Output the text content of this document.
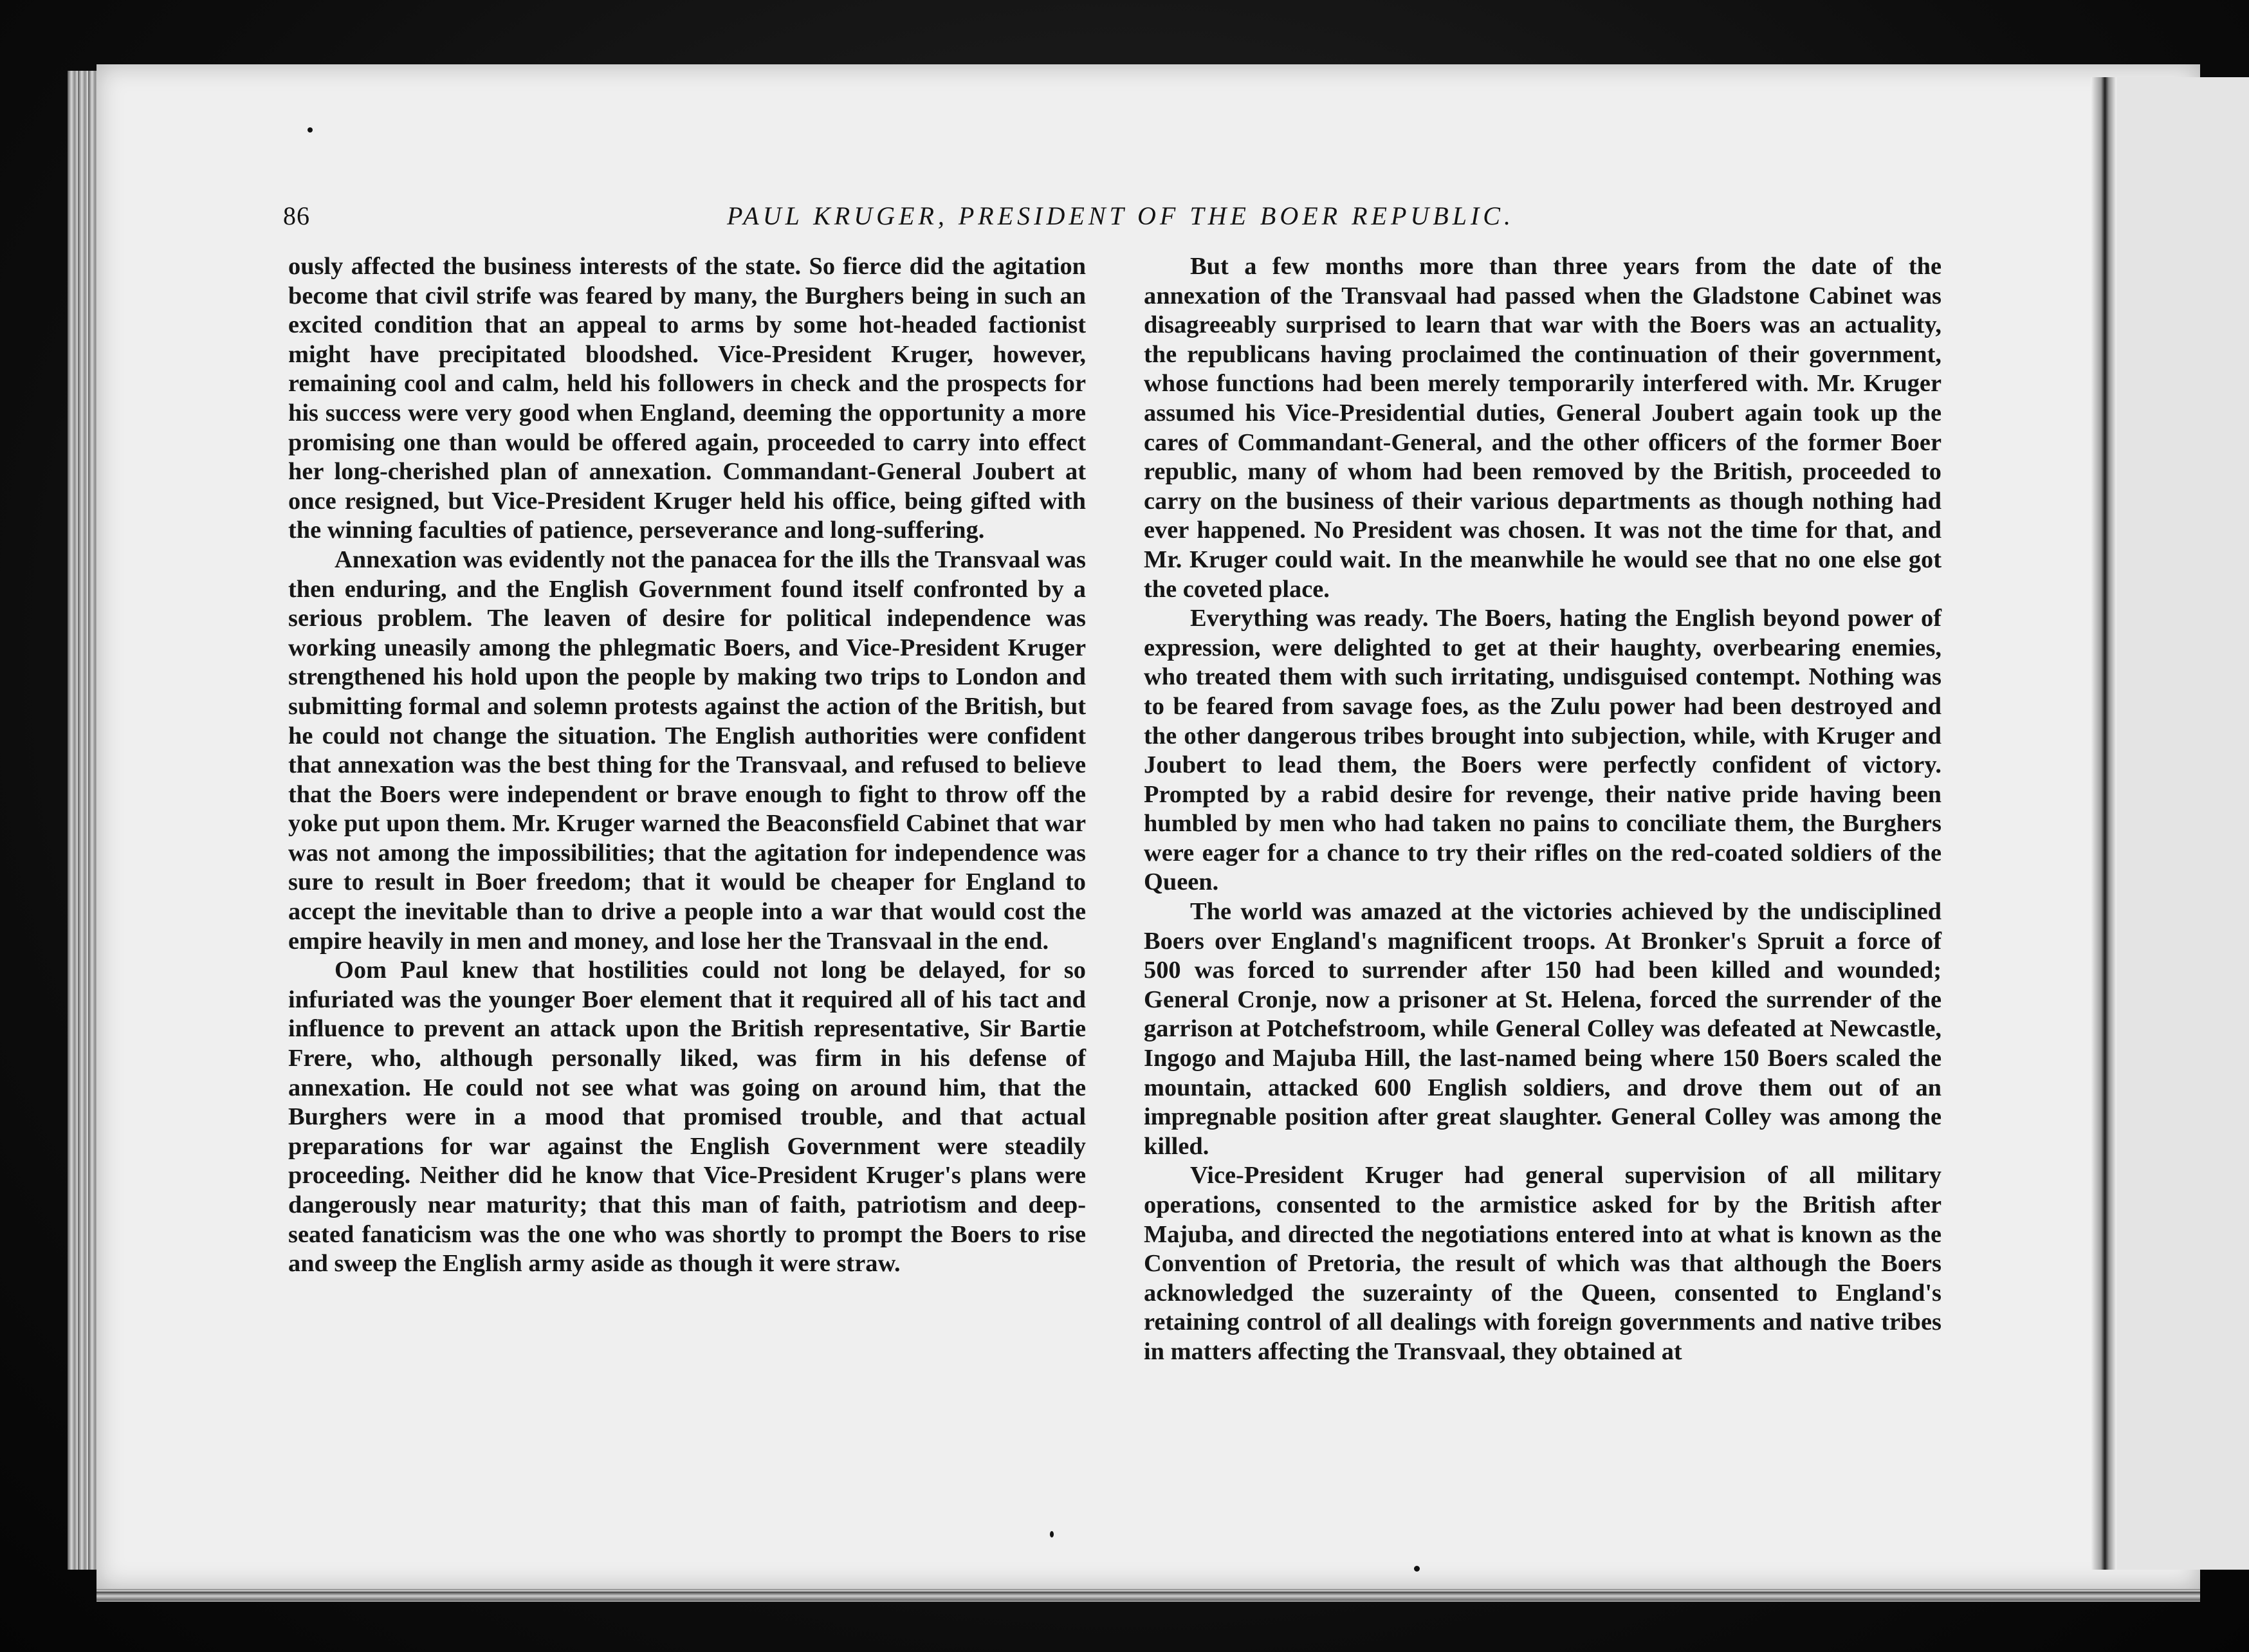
86	PAUL KRUGER, PRESIDENT OF THE BOER REPUBLIC.

ously affected the business interests of the state. So fierce did the agitation become that civil strife was feared by many, the Burghers being in such an excited condition that an appeal to arms by some hot-headed factionist might have precipitated bloodshed. Vice-President Kruger, however, remaining cool and calm, held his followers in check and the prospects for his success were very good when England, deeming the opportunity a more promising one than would be offered again, proceeded to carry into effect her long-cherished plan of annexation. Commandant-General Joubert at once resigned, but Vice-President Kruger held his office, being gifted with the winning faculties of patience, perseverance and long-suffering.

Annexation was evidently not the panacea for the ills the Transvaal was then enduring, and the English Government found itself confronted by a serious problem. The leaven of desire for political independence was working uneasily among the phlegmatic Boers, and Vice-President Kruger strengthened his hold upon the people by making two trips to London and submitting formal and solemn protests against the action of the British, but he could not change the situation. The English authorities were confident that annexation was the best thing for the Transvaal, and refused to believe that the Boers were independent or brave enough to fight to throw off the yoke put upon them. Mr. Kruger warned the Beaconsfield Cabinet that war was not among the impossibilities; that the agitation for independence was sure to result in Boer freedom; that it would be cheaper for England to accept the inevitable than to drive a people into a war that would cost the empire heavily in men and money, and lose her the Transvaal in the end.

Oom Paul knew that hostilities could not long be delayed, for so infuriated was the younger Boer element that it required all of his tact and influence to prevent an attack upon the British representative, Sir Bartie Frere, who, although personally liked, was firm in his defense of annexation. He could not see what was going on around him, that the Burghers were in a mood that promised trouble, and that actual preparations for war against the English Government were steadily proceeding. Neither did he know that Vice-President Kruger's plans were dangerously near maturity; that this man of faith, patriotism and deep-seated fanaticism was the one who was shortly to prompt the Boers to rise and sweep the English army aside as though it were straw.

But a few months more than three years from the date of the annexation of the Transvaal had passed when the Gladstone Cabinet was disagreeably surprised to learn that war with the Boers was an actuality, the republicans having proclaimed the continuation of their government, whose functions had been merely temporarily interfered with. Mr. Kruger assumed his Vice-Presidential duties, General Joubert again took up the cares of Commandant-General, and the other officers of the former Boer republic, many of whom had been removed by the British, proceeded to carry on the business of their various departments as though nothing had ever happened. No President was chosen. It was not the time for that, and Mr. Kruger could wait. In the meanwhile he would see that no one else got the coveted place.

Everything was ready. The Boers, hating the English beyond power of expression, were delighted to get at their haughty, overbearing enemies, who treated them with such irritating, undisguised contempt. Nothing was to be feared from savage foes, as the Zulu power had been destroyed and the other dangerous tribes brought into subjection, while, with Kruger and Joubert to lead them, the Boers were perfectly confident of victory. Prompted by a rabid desire for revenge, their native pride having been humbled by men who had taken no pains to conciliate them, the Burghers were eager for a chance to try their rifles on the red-coated soldiers of the Queen.

The world was amazed at the victories achieved by the undisciplined Boers over England's magnificent troops. At Bronker's Spruit a force of 500 was forced to surrender after 150 had been killed and wounded; General Cronje, now a prisoner at St. Helena, forced the surrender of the garrison at Potchefstroom, while General Colley was defeated at Newcastle, Ingogo and Majuba Hill, the last-named being where 150 Boers scaled the mountain, attacked 600 English soldiers, and drove them out of an impregnable position after great slaughter. General Colley was among the killed.

Vice-President Kruger had general supervision of all military operations, consented to the armistice asked for by the British after Majuba, and directed the negotiations entered into at what is known as the Convention of Pretoria, the result of which was that although the Boers acknowledged the suzerainty of the Queen, consented to England's retaining control of all dealings with foreign governments and native tribes in matters affecting the Transvaal, they obtained at
